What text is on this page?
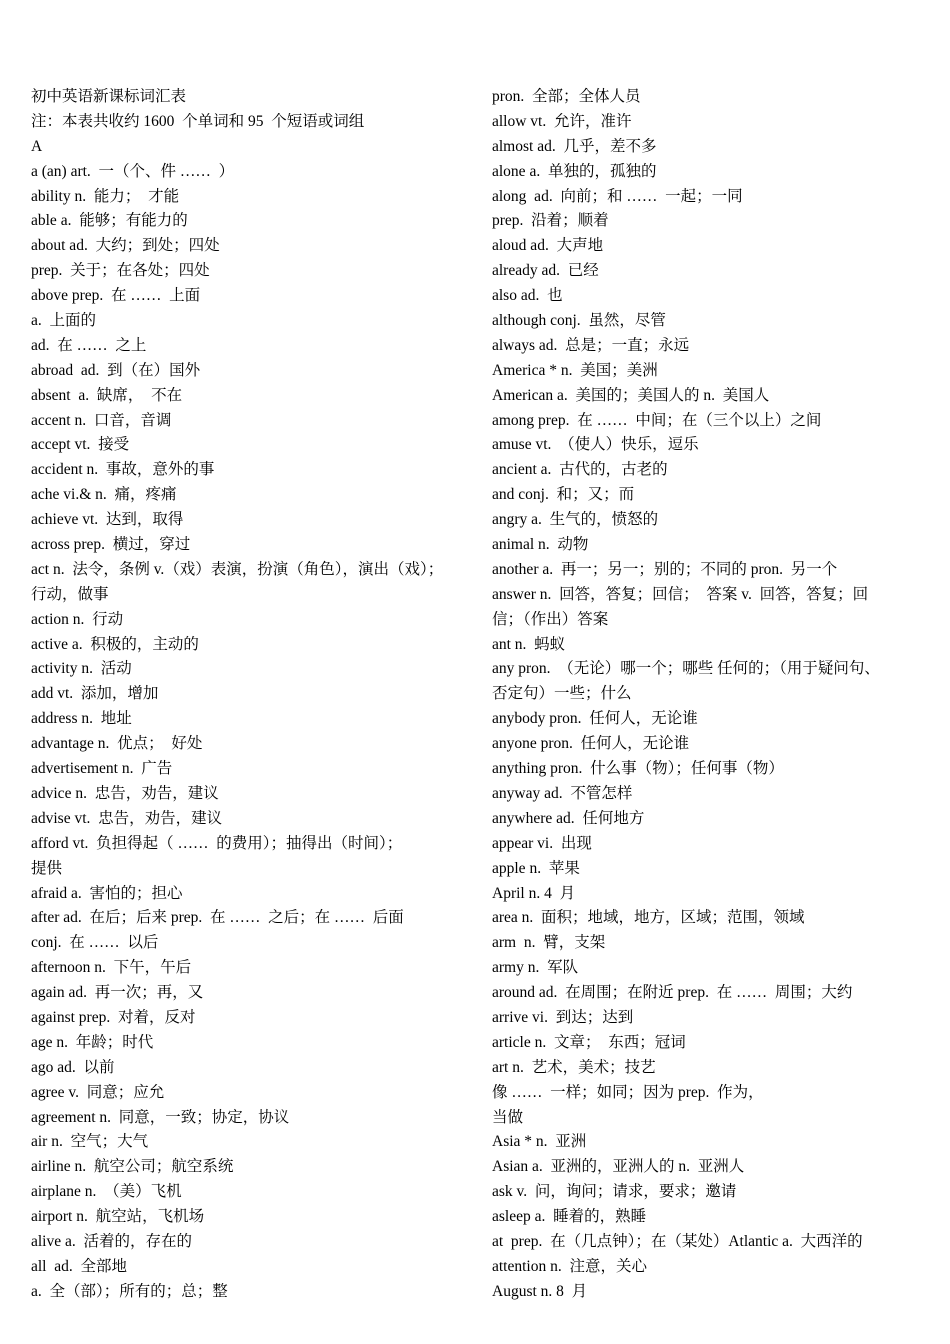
初中英语新课标词汇表
注：本表共收约 1600  个单词和 95  个短语或词组
A
a (an) art.  一（个、件 ……  ）
ability n.  能力；  才能
able a.  能够；有能力的
about ad.  大约；到处；四处
prep.  关于；在各处；四处
above prep.  在 ……  上面
a.  上面的
ad.  在 ……  之上
abroad  ad.  到（在）国外
absent  a.  缺席，  不在
accent n.  口音，音调
accept vt.  接受
accident n.  事故，意外的事
ache vi.& n.  痛，疼痛
achieve vt.  达到，取得
across prep.  横过，穿过
act n.  法令，条例 v.（戏）表演，扮演（角色），演出（戏）；
行动，做事
action n.  行动
active a.  积极的，主动的
activity n.  活动
add vt.  添加，增加
address n.  地址
advantage n.  优点；  好处
advertisement n.  广告
advice n.  忠告，劝告，建议
advise vt.  忠告，劝告，建议
afford vt.  负担得起（ ……  的费用）；抽得出（时间）；
提供
afraid a.  害怕的；担心
after ad.  在后；后来 prep.  在 ……  之后；在 ……  后面
conj.  在 ……  以后
afternoon n.  下午，午后
again ad.  再一次；再，又
against prep.  对着，反对
age n.  年龄；时代
ago ad.  以前
agree v.  同意；应允
agreement n.  同意，一致；协定，协议
air n.  空气；大气
airline n.  航空公司；航空系统
airplane n.  （美）飞机
airport n.  航空站，飞机场
alive a.  活着的，存在的
all  ad.  全部地
a.  全（部）；所有的；总；整
pron.  全部；全体人员
allow vt.  允许，准许
almost ad.  几乎，差不多
alone a.  单独的，孤独的
along  ad.  向前；和 ……  一起；一同
prep.  沿着；顺着
aloud ad.  大声地
already ad.  已经
also ad.  也
although conj.  虽然，尽管
always ad.  总是；一直；永远
America * n.  美国；美洲
American a.  美国的；美国人的 n.  美国人
among prep.  在 ……  中间；在（三个以上）之间
amuse vt.  （使人）快乐，逗乐
ancient a.  古代的，古老的
and conj.  和；又；而
angry a.  生气的，愤怒的
animal n.  动物
another a.  再一；另一；别的；不同的 pron.  另一个
answer n.  回答，答复；回信；  答案 v.  回答，答复；回
信；（作出）答案
ant n.  蚂蚁
any pron.  （无论）哪一个；哪些 任何的；（用于疑问句、
否定句）一些；什么
anybody pron.  任何人，无论谁
anyone pron.  任何人，无论谁
anything pron.  什么事（物）；任何事（物）
anyway ad.  不管怎样
anywhere ad.  任何地方
appear vi.  出现
apple n.  苹果
April n. 4  月
area n.  面积；地域，地方，区域；范围，领域
arm  n.  臂，支架
army n.  军队
around ad.  在周围；在附近 prep.  在 ……  周围；大约
arrive vi.  到达；达到
article n.  文章；  东西；冠词
art n.  艺术，美术；技艺
像 ……  一样；如同；因为 prep.  作为，
当做
Asia * n.  亚洲
Asian a.  亚洲的，亚洲人的 n.  亚洲人
ask v.  问，询问；请求，要求；邀请
asleep a.  睡着的，熟睡
at  prep.  在（几点钟）；在（某处）Atlantic a.  大西洋的
attention n.  注意，关心
August n. 8  月
